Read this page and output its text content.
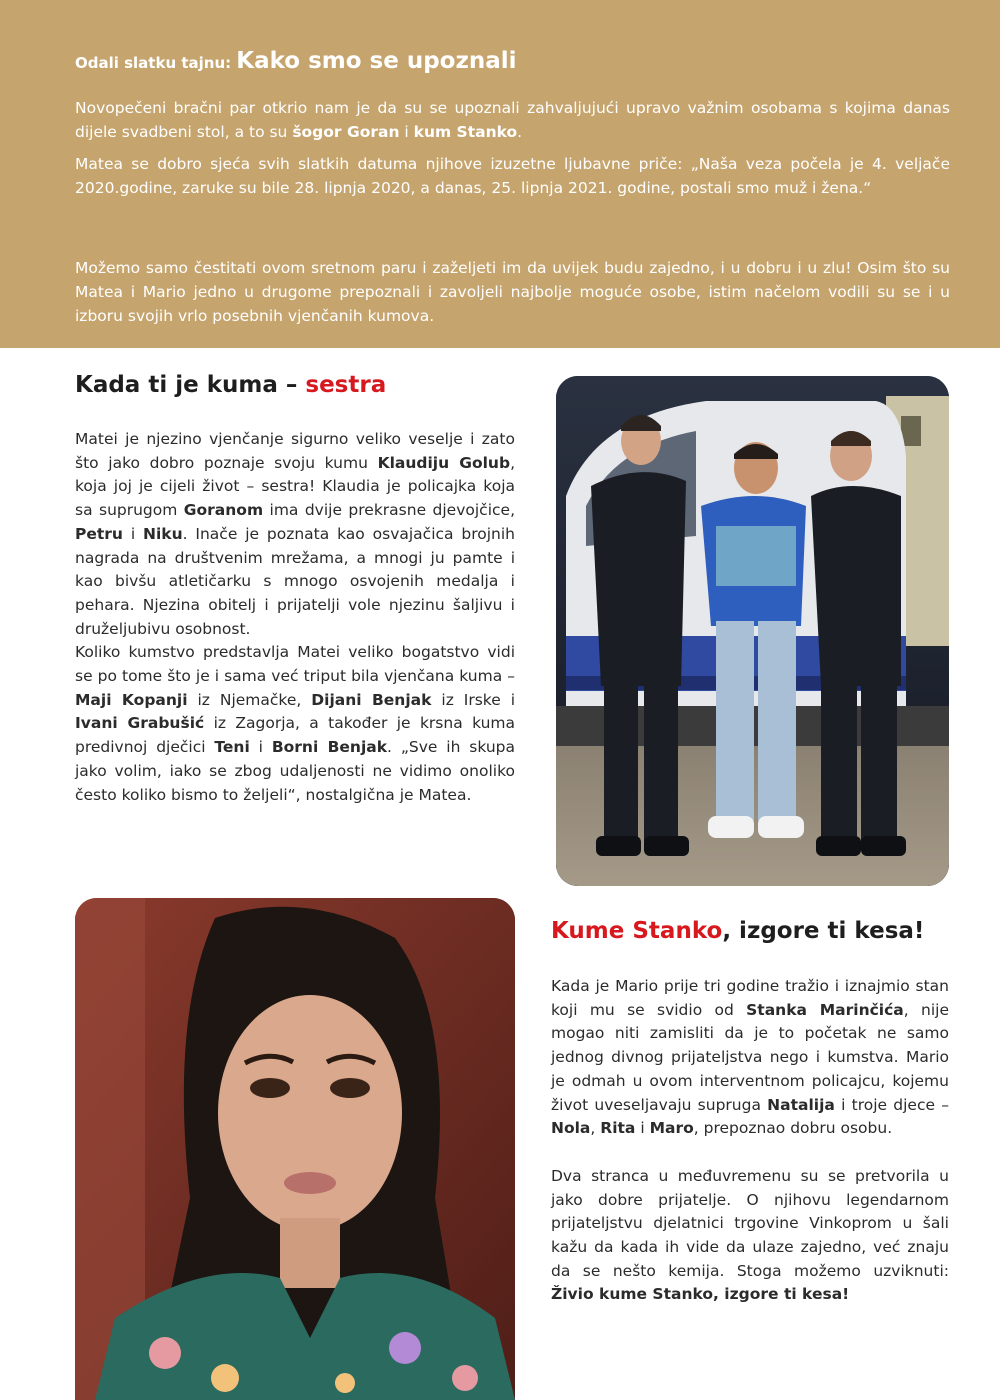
Odali slatku tajnu: Kako smo se upoznali

Novopečeni bračni par otkrio nam je da su se upoznali zahvaljujući upravo važnim osobama s kojima danas dijele svadbeni stol, a to su šogor Goran i kum Stanko.

Matea se dobro sjeća svih slatkih datuma njihove izuzetne ljubavne priče: „Naša veza počela je 4. veljače 2020.godine, zaruke su bile 28. lipnja 2020, a danas, 25. lipnja 2021. godine, postali smo muž i žena.“

Možemo samo čestitati ovom sretnom paru i zaželjeti im da uvijek budu zajedno, i u dobru i u zlu! Osim što su Matea i Mario jedno u drugome prepoznali i zavoljeli najbolje moguće osobe, istim načelom vodili su se i u izboru svojih vrlo posebnih vjenčanih kumova.

Kada ti je kuma – sestra
Matei je njezino vjenčanje sigurno veliko veselje i zato što jako dobro poznaje svoju kumu Klaudiju Golub, koja joj je cijeli život – sestra! Klaudia je policajka koja sa suprugom Goranom ima dvije prekrasne djevojčice, Petru i Niku. Inače je poznata kao osvajačica brojnih nagrada na društvenim mrežama, a mnogi ju pamte i kao bivšu atletičarku s mnogo osvojenih medalja i pehara. Njezina obitelj i prijatelji vole njezinu šaljivu i druželjubivu osobnost.
Koliko kumstvo predstavlja Matei veliko bogatstvo vidi se po tome što je i sama već triput bila vjenčana kuma – Maji Kopanji iz Njemačke, Dijani Benjak iz Irske i Ivani Grabušić iz Zagorja, a također je krsna kuma predivnoj dječici Teni i Borni Benjak. „Sve ih skupa jako volim, iako se zbog udaljenosti ne vidimo onoliko često koliko bismo to željeli“, nostalgična je Matea.
Kume Stanko, izgore ti kesa!

Kada je Mario prije tri godine tražio i iznajmio stan koji mu se svidio od Stanka Marinčića, nije mogao niti zamisliti da je to početak ne samo jednog divnog prijateljstva nego i kumstva. Mario je odmah u ovom interventnom policajcu, kojemu život uveseljavaju supruga Natalija i troje djece – Nola, Rita i Maro, prepoznao dobru osobu.

Dva stranca u međuvremenu su se pretvorila u jako dobre prijatelje. O njihovu legendarnom prijateljstvu djelatnici trgovine Vinkoprom u šali kažu da kada ih vide da ulaze zajedno, već znaju da se nešto kemija. Stoga možemo uzviknuti: Živio kume Stanko, izgore ti kesa!
